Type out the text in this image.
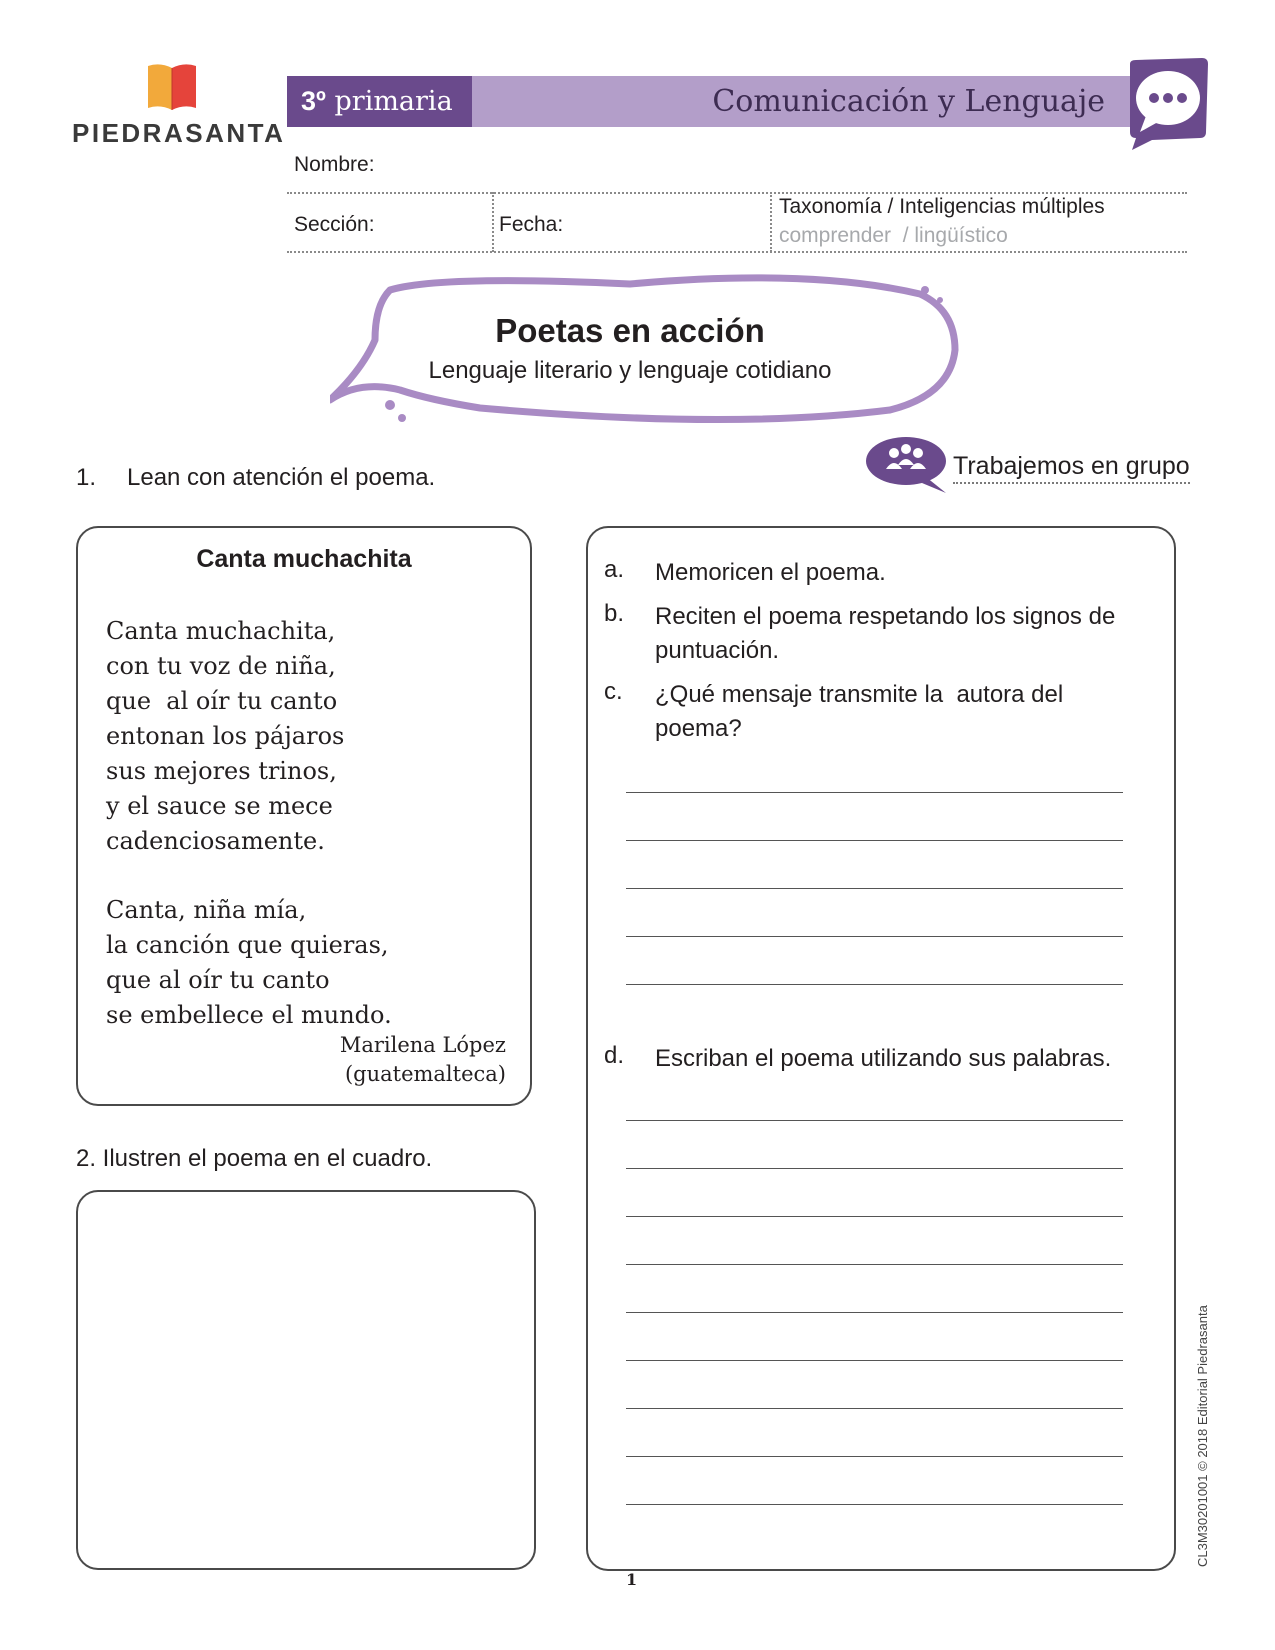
PIEDRASANTA
3º primaria	Comunicación y Lenguaje
Nombre:
Sección:	Fecha:
Taxonomía / Inteligencias múltiples
comprender  / lingüístico
Poetas en acción
Lenguaje literario y lenguaje cotidiano
1. Lean con atención el poema.	Trabajemos en grupo
Canta muchachita
Canta muchachita,
con tu voz de niña,
que  al oír tu canto
entonan los pájaros
sus mejores trinos,
y el sauce se mece
cadenciosamente.
Canta, niña mía,
la canción que quieras,
que al oír tu canto
se embellece el mundo.
Marilena López
(guatemalteca)
2. Ilustren el poema en el cuadro.
a. Memoricen el poema.
b. Reciten el poema respetando los signos de puntuación.
c. ¿Qué mensaje transmite la  autora del poema?
d. Escriban el poema utilizando sus palabras.
1
CL3M30201001 © 2018 Editorial Piedrasanta
